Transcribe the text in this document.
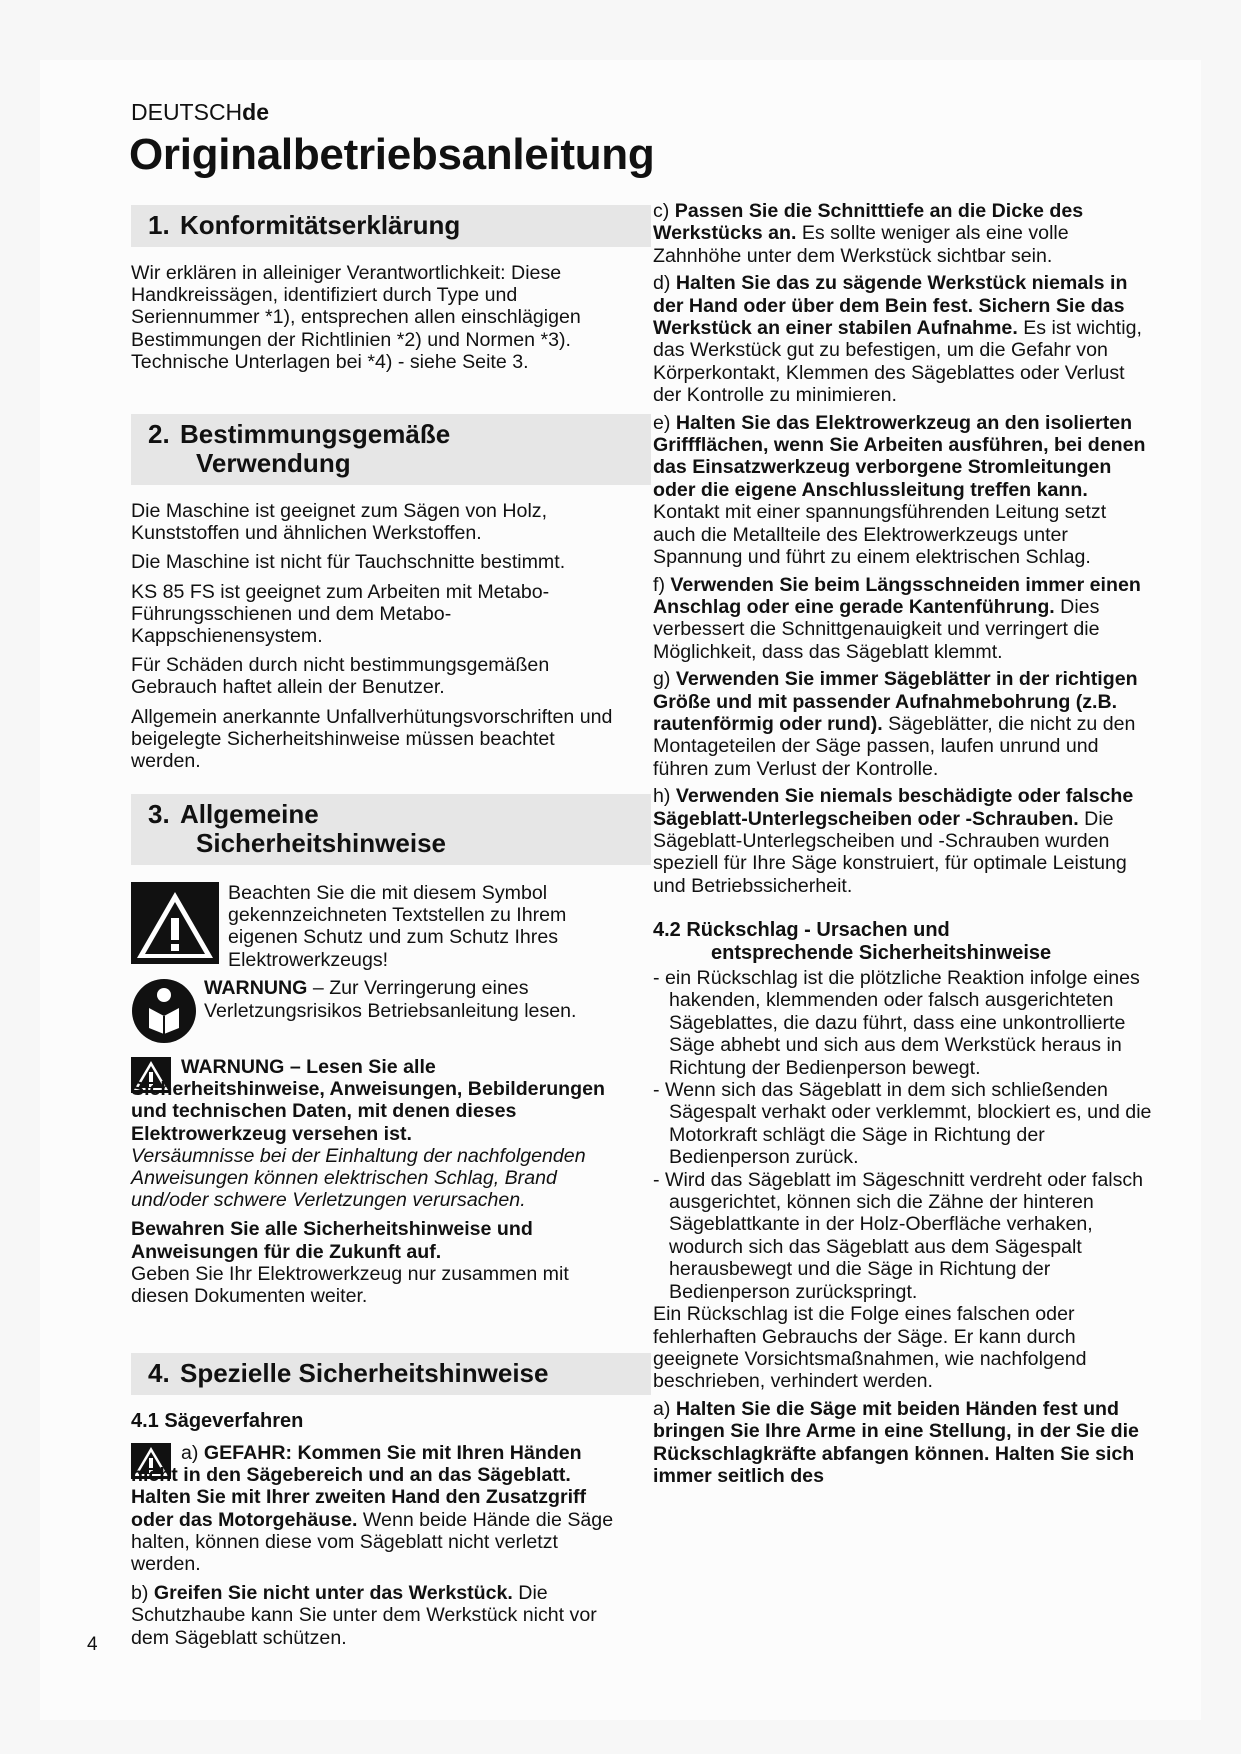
DEUTSCHde
Originalbetriebsanleitung
1. Konformitätserklärung

Wir erklären in alleiniger Verantwortlichkeit: Diese Handkreissägen, identifiziert durch Type und Seriennummer *1), entsprechen allen einschlägigen Bestimmungen der Richtlinien *2) und Normen *3). Technische Unterlagen bei *4) - siehe Seite 3.

2. Bestimmungsgemäße
Verwendung

Die Maschine ist geeignet zum Sägen von Holz, Kunststoffen und ähnlichen Werkstoffen.

Die Maschine ist nicht für Tauchschnitte bestimmt.

KS 85 FS ist geeignet zum Arbeiten mit Metabo-Führungsschienen und dem Metabo-Kappschienensystem.

Für Schäden durch nicht bestimmungsgemäßen Gebrauch haftet allein der Benutzer.

Allgemein anerkannte Unfallverhütungsvorschriften und beigelegte Sicherheitshinweise müssen beachtet werden.

3. Allgemeine
Sicherheitshinweise

Beachten Sie die mit diesem Symbol gekennzeichneten Textstellen zu Ihrem eigenen Schutz und zum Schutz Ihres Elektrowerkzeugs!

WARNUNG – Zur Verringerung eines Verletzungsrisikos Betriebsanleitung lesen.

WARNUNG – Lesen Sie alle Sicherheitshinweise, Anweisungen, Bebilderungen und technischen Daten, mit denen dieses Elektrowerkzeug versehen ist.

Versäumnisse bei der Einhaltung der nachfolgenden Anweisungen können elektrischen Schlag, Brand und/oder schwere Verletzungen verursachen.

Bewahren Sie alle Sicherheitshinweise und Anweisungen für die Zukunft auf.

Geben Sie Ihr Elektrowerkzeug nur zusammen mit diesen Dokumenten weiter.

4. Spezielle Sicherheitshinweise

4.1 Sägeverfahren

a) GEFAHR: Kommen Sie mit Ihren Händen nicht in den Sägebereich und an das Sägeblatt. Halten Sie mit Ihrer zweiten Hand den Zusatzgriff oder das Motorgehäuse. Wenn beide Hände die Säge halten, können diese vom Sägeblatt nicht verletzt werden.

b) Greifen Sie nicht unter das Werkstück. Die Schutzhaube kann Sie unter dem Werkstück nicht vor dem Sägeblatt schützen.

c) Passen Sie die Schnitttiefe an die Dicke des Werkstücks an. Es sollte weniger als eine volle Zahnhöhe unter dem Werkstück sichtbar sein.

d) Halten Sie das zu sägende Werkstück niemals in der Hand oder über dem Bein fest. Sichern Sie das Werkstück an einer stabilen Aufnahme. Es ist wichtig, das Werkstück gut zu befestigen, um die Gefahr von Körperkontakt, Klemmen des Sägeblattes oder Verlust der Kontrolle zu minimieren.

e) Halten Sie das Elektrowerkzeug an den isolierten Griffflächen, wenn Sie Arbeiten ausführen, bei denen das Einsatzwerkzeug verborgene Stromleitungen oder die eigene Anschlussleitung treffen kann. Kontakt mit einer spannungsführenden Leitung setzt auch die Metallteile des Elektrowerkzeugs unter Spannung und führt zu einem elektrischen Schlag.

f) Verwenden Sie beim Längsschneiden immer einen Anschlag oder eine gerade Kantenführung. Dies verbessert die Schnittgenauigkeit und verringert die Möglichkeit, dass das Sägeblatt klemmt.

g) Verwenden Sie immer Sägeblätter in der richtigen Größe und mit passender Aufnahmebohrung (z.B. rautenförmig oder rund). Sägeblätter, die nicht zu den Montageteilen der Säge passen, laufen unrund und führen zum Verlust der Kontrolle.

h) Verwenden Sie niemals beschädigte oder falsche Sägeblatt-Unterlegscheiben oder -Schrauben. Die Sägeblatt-Unterlegscheiben und -Schrauben wurden speziell für Ihre Säge konstruiert, für optimale Leistung und Betriebssicherheit.

4.2 Rückschlag - Ursachen und
entsprechende Sicherheitshinweise

- ein Rückschlag ist die plötzliche Reaktion infolge eines hakenden, klemmenden oder falsch ausgerichteten Sägeblattes, die dazu führt, dass eine unkontrollierte Säge abhebt und sich aus dem Werkstück heraus in Richtung der Bedienperson bewegt.

- Wenn sich das Sägeblatt in dem sich schließenden Sägespalt verhakt oder verklemmt, blockiert es, und die Motorkraft schlägt die Säge in Richtung der Bedienperson zurück.

- Wird das Sägeblatt im Sägeschnitt verdreht oder falsch ausgerichtet, können sich die Zähne der hinteren Sägeblattkante in der Holz-Oberfläche verhaken, wodurch sich das Sägeblatt aus dem Sägespalt herausbewegt und die Säge in Richtung der Bedienperson zurückspringt.

Ein Rückschlag ist die Folge eines falschen oder fehlerhaften Gebrauchs der Säge. Er kann durch geeignete Vorsichtsmaßnahmen, wie nachfolgend beschrieben, verhindert werden.

a) Halten Sie die Säge mit beiden Händen fest und bringen Sie Ihre Arme in eine Stellung, in der Sie die Rückschlagkräfte abfangen können. Halten Sie sich immer seitlich des

4
